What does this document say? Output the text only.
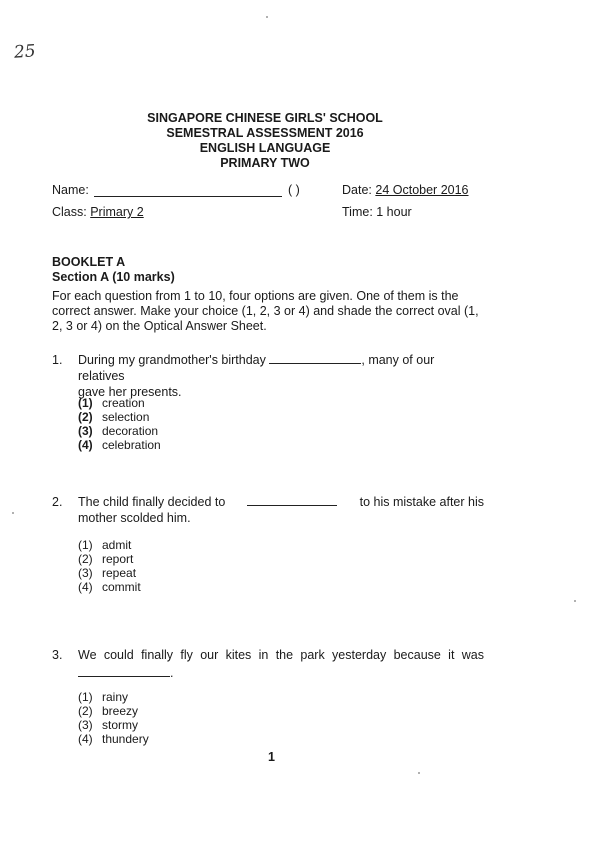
25
SINGAPORE CHINESE GIRLS' SCHOOL
SEMESTRAL ASSESSMENT 2016
ENGLISH LANGUAGE
PRIMARY TWO
Name:	( )	Date: 24 October 2016
Class: Primary 2	Time: 1 hour
BOOKLET A
Section A (10 marks)
For each question from 1 to 10, four options are given. One of them is the correct answer. Make your choice (1, 2, 3 or 4) and shade the correct oval (1, 2, 3 or 4) on the Optical Answer Sheet.
1. During my grandmother's birthday	, many of our relatives
gave her presents.
(1) creation
(2) selection
(3) decoration
(4) celebration
2. The child finally decided to	to his mistake after his
mother scolded him.
(1) admit
(2) report
(3) repeat
(4) commit
3. We could finally fly our kites in the park yesterday because it was
.
(1) rainy
(2) breezy
(3) stormy
(4) thundery
1
